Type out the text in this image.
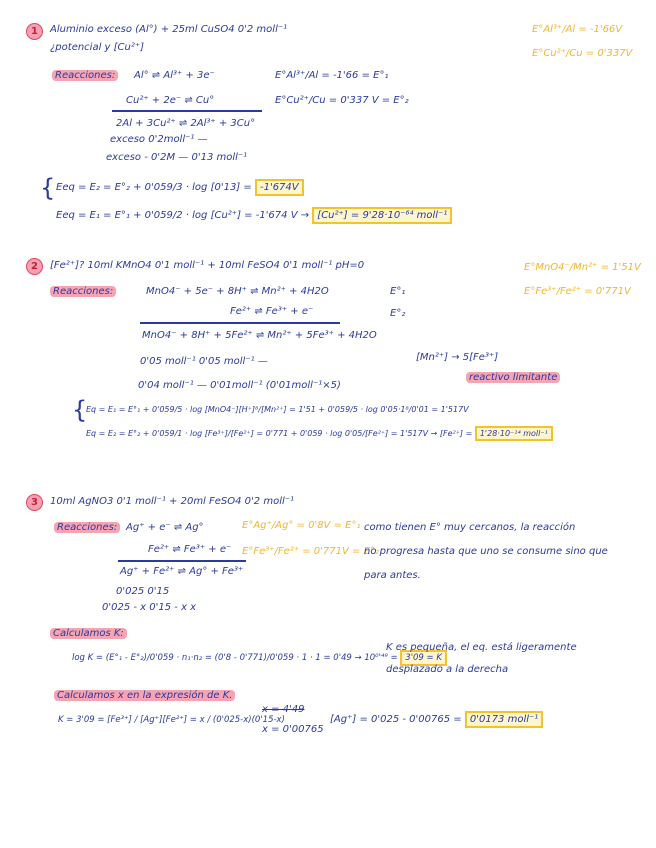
1	Aluminio exceso (Al°) + 25ml CuSO4 0'2 moll⁻¹
¿potencial y [Cu²⁺]
E°Al³⁺/Al = -1'66V
E°Cu²⁺/Cu = 0'337V
Reacciones:	Al° ⇌ Al³⁺ + 3e⁻	E°Al³⁺/Al = -1'66 = E°₁
Cu²⁺ + 2e⁻ ⇌ Cu°	E°Cu²⁺/Cu = 0'337 V = E°₂
2Al + 3Cu²⁺ ⇌ 2Al³⁺ + 3Cu°
exceso 0'2moll⁻¹ —
exceso - 0'2M — 0'13 moll⁻¹
{ Eeq = E₂ = E°₂ + 0'059/3 · log [0'13] = -1'674V
Eeq = E₁ = E°₁ + 0'059/2 · log [Cu²⁺] = -1'674 V → [Cu²⁺] = 9'28·10⁻⁶⁴ moll⁻¹
2	[Fe²⁺]? 10ml KMnO4 0'1 moll⁻¹ + 10ml FeSO4 0'1 moll⁻¹ pH=0	E°MnO4⁻/Mn²⁺ = 1'51V
E°Fe³⁺/Fe²⁺ = 0'771V
Reacciones:	MnO4⁻ + 5e⁻ + 8H⁺ ⇌ Mn²⁺ + 4H2O	E°₁
Fe²⁺ ⇌ Fe³⁺ + e⁻	E°₂
MnO4⁻ + 8H⁺ + 5Fe²⁺ ⇌ Mn²⁺ + 5Fe³⁺ + 4H2O
0'05 moll⁻¹ 0'05 moll⁻¹ —	[Mn²⁺] → 5[Fe³⁺]
0'04 moll⁻¹ — 0'01moll⁻¹ (0'01moll⁻¹×5)
reactivo limitante
{
Eq = E₁ = E°₁ + 0'059/5 · log [MnO4⁻][H⁺]⁸/[Mn²⁺] = 1'51 + 0'059/5 · log 0'05·1⁸/0'01 = 1'517V
Eq = E₂ = E°₂ + 0'059/1 · log [Fe³⁺]/[Fe²⁺] = 0'771 + 0'059 · log 0'05/[Fe²⁺] = 1'517V → [Fe²⁺] = 1'28·10⁻¹⁴ moll⁻¹
3	10ml AgNO3 0'1 moll⁻¹ + 20ml FeSO4 0'2 moll⁻¹
Reacciones: Ag⁺ + e⁻ ⇌ Ag°	E°Ag⁺/Ag° = 0'8V = E°₁
Fe²⁺ ⇌ Fe³⁺ + e⁻ E°Fe³⁺/Fe²⁺ = 0'771V = E°₂
como tienen E° muy cercanos, la reacción
no progresa hasta que uno se consume sino que
para antes.
Ag⁺ + Fe²⁺ ⇌ Ag° + Fe³⁺
0'025 0'15
0'025 - x 0'15 - x x
Calculamos K:
log K = (E°₁ - E°₂)/0'059 · n₁·n₂ = (0'8 - 0'771)/0'059 · 1 · 1 = 0'49 → 10⁰'⁴⁹ = 3'09 = K
K es pequeña, el eq. está ligeramente
desplazado a la derecha
Calculamos x en la expresión de K.
K = 3'09 = [Fe³⁺] / [Ag⁺][Fe²⁺] = x / (0'025-x)(0'15-x)
x = 4'49
x = 0'00765
[Ag⁺] = 0'025 - 0'00765 = 0'0173 moll⁻¹
